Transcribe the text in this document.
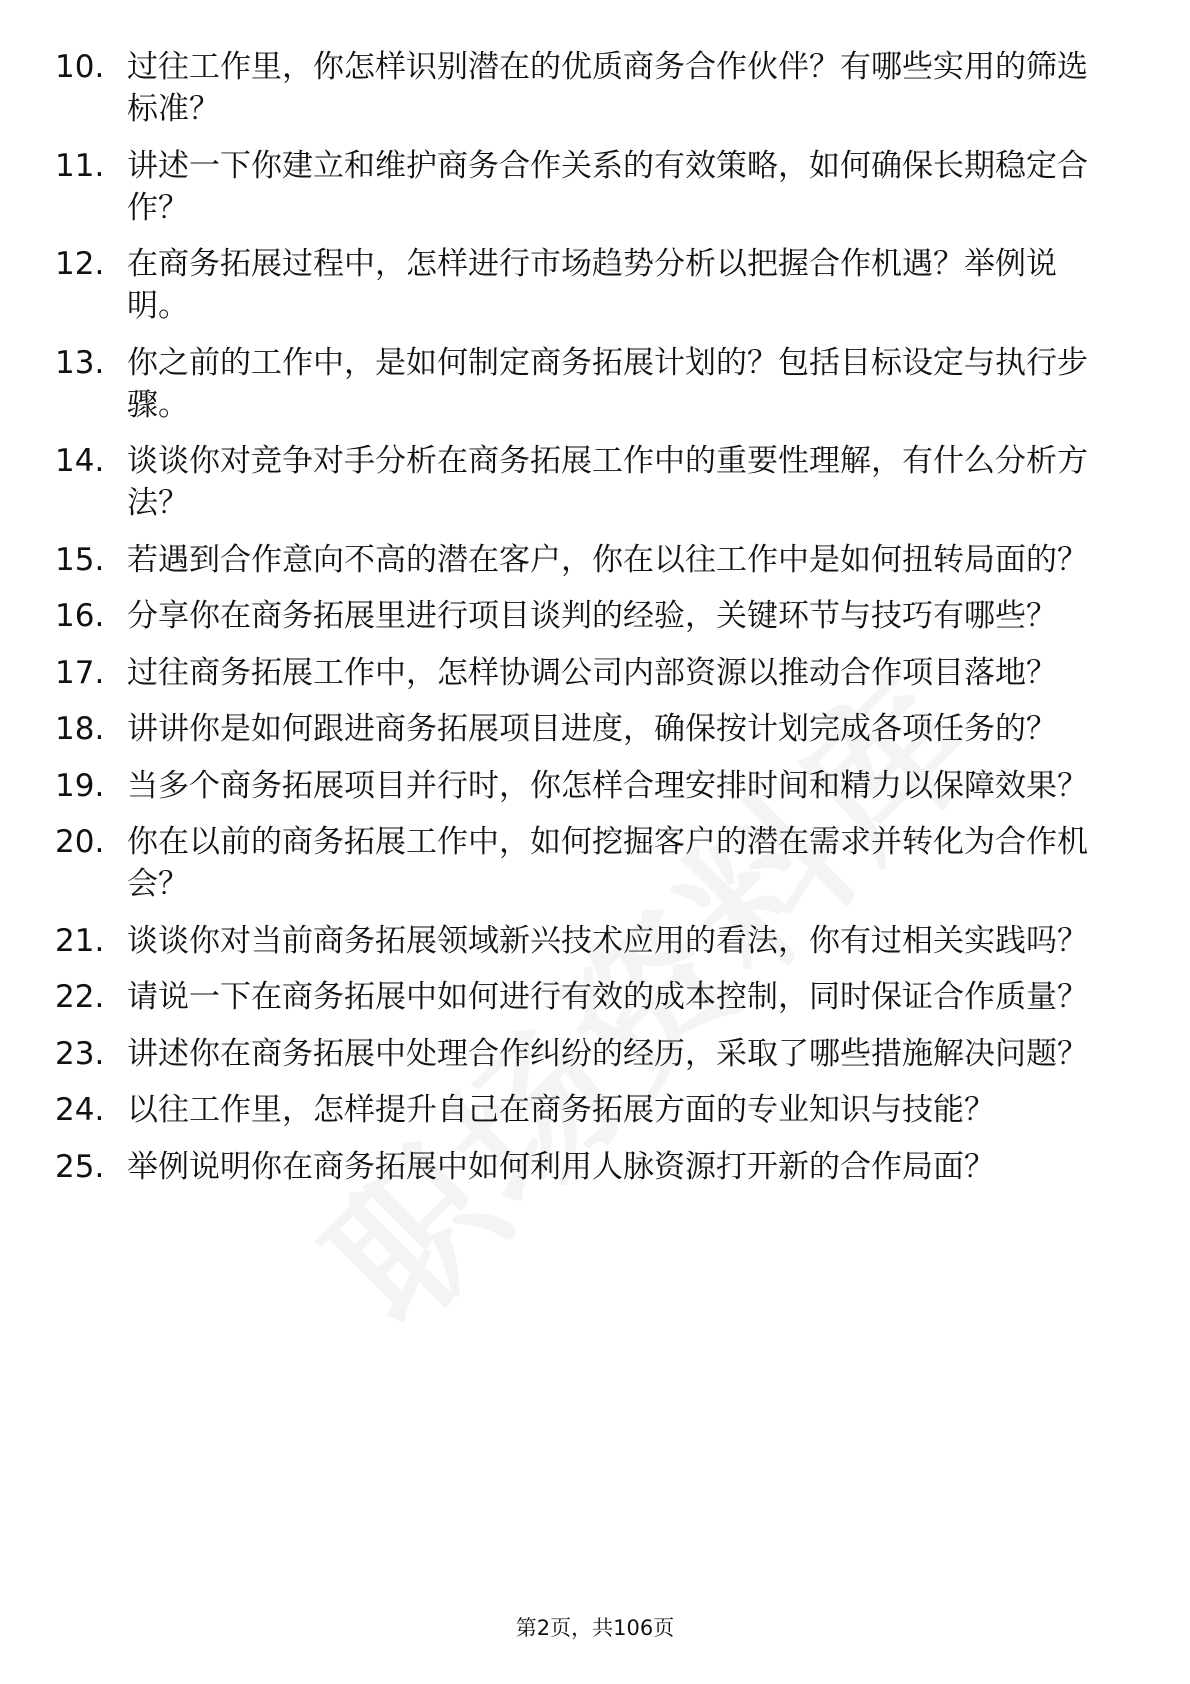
10. 过往工作里，你怎样识别潜在的优质商务合作伙伴？有哪些实用的筛选标准？
11. 讲述一下你建立和维护商务合作关系的有效策略，如何确保长期稳定合作？
12. 在商务拓展过程中，怎样进行市场趋势分析以把握合作机遇？举例说明。
13. 你之前的工作中，是如何制定商务拓展计划的？包括目标设定与执行步骤。
14. 谈谈你对竞争对手分析在商务拓展工作中的重要性理解，有什么分析方法？
15. 若遇到合作意向不高的潜在客户，你在以往工作中是如何扭转局面的？
16. 分享你在商务拓展里进行项目谈判的经验，关键环节与技巧有哪些？
17. 过往商务拓展工作中，怎样协调公司内部资源以推动合作项目落地？
18. 讲讲你是如何跟进商务拓展项目进度，确保按计划完成各项任务的？
19. 当多个商务拓展项目并行时，你怎样合理安排时间和精力以保障效果？
20. 你在以前的商务拓展工作中，如何挖掘客户的潜在需求并转化为合作机会？
21. 谈谈你对当前商务拓展领域新兴技术应用的看法，你有过相关实践吗？
22. 请说一下在商务拓展中如何进行有效的成本控制，同时保证合作质量？
23. 讲述你在商务拓展中处理合作纠纷的经历，采取了哪些措施解决问题？
24. 以往工作里，怎样提升自己在商务拓展方面的专业知识与技能？
25. 举例说明你在商务拓展中如何利用人脉资源打开新的合作局面？
第2页，共106页
